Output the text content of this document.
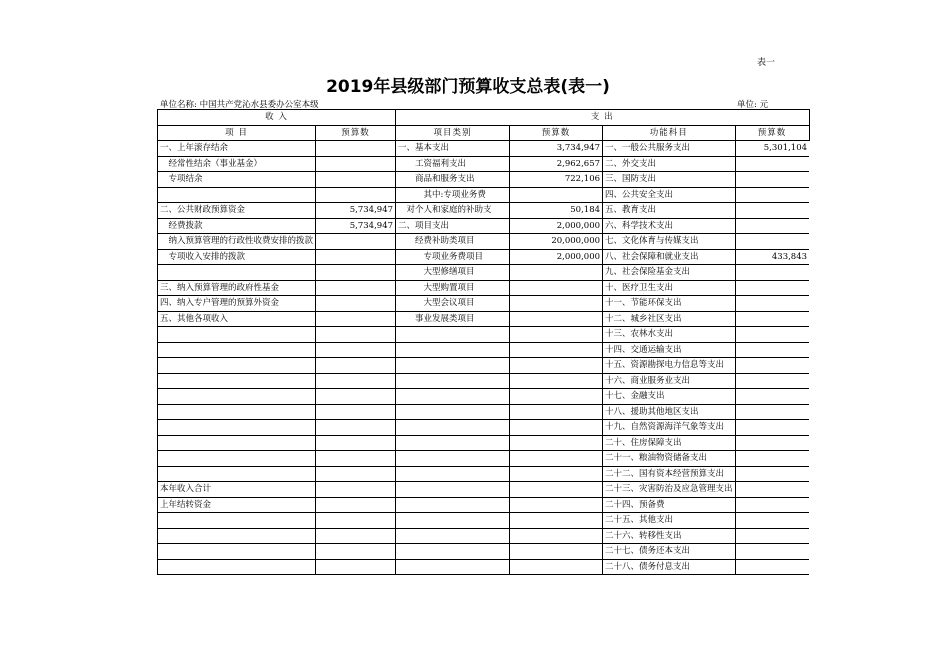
表一
2019年县级部门预算收支总表(表一)
单位名称: 中国共产党沁水县委办公室本级	单位: 元
收 入		支 出			
项 目	预算数	项目类别	预算数	功能科目	预算数
一、上年滚存结余		一、基本支出	3,734,947	一、一般公共服务支出	5,301,104
　经常性结余（事业基金）		　　工资福利支出	2,962,657	二、外交支出	
　专项结余		　　商品和服务支出	722,106	三、国防支出	
		　　　其中:专项业务费		四、公共安全支出	
二、公共财政预算资金	5,734,947	　对个人和家庭的补助支	50,184	五、教育支出	
　经费拨款	5,734,947	二、项目支出	2,000,000	六、科学技术支出	
　纳入预算管理的行政性收费安排的拨款		　　经费补助类项目	20,000,000	七、文化体育与传媒支出	
　专项收入安排的拨款		　　　专项业务费项目	2,000,000	八、社会保障和就业支出	433,843
		　　　大型修缮项目		九、社会保险基金支出	
三、纳入预算管理的政府性基金		　　　大型购置项目		十、医疗卫生支出	
四、纳入专户管理的预算外资金		　　　大型会议项目		十一、节能环保支出	
五、其他各项收入		　　事业发展类项目		十二、城乡社区支出	
				十三、农林水支出	
				十四、交通运输支出	
				十五、资源勘探电力信息等支出	
				十六、商业服务业支出	
				十七、金融支出	
				十八、援助其他地区支出	
				十九、自然资源海洋气象等支出	
				二十、住房保障支出	
				二十一、粮油物资储备支出	
				二十二、国有资本经营预算支出	
本年收入合计				二十三、灾害防治及应急管理支出	
上年结转资金				二十四、预备费	
				二十五、其他支出	
				二十六、转移性支出	
				二十七、债务还本支出	
				二十八、债务付息支出	
